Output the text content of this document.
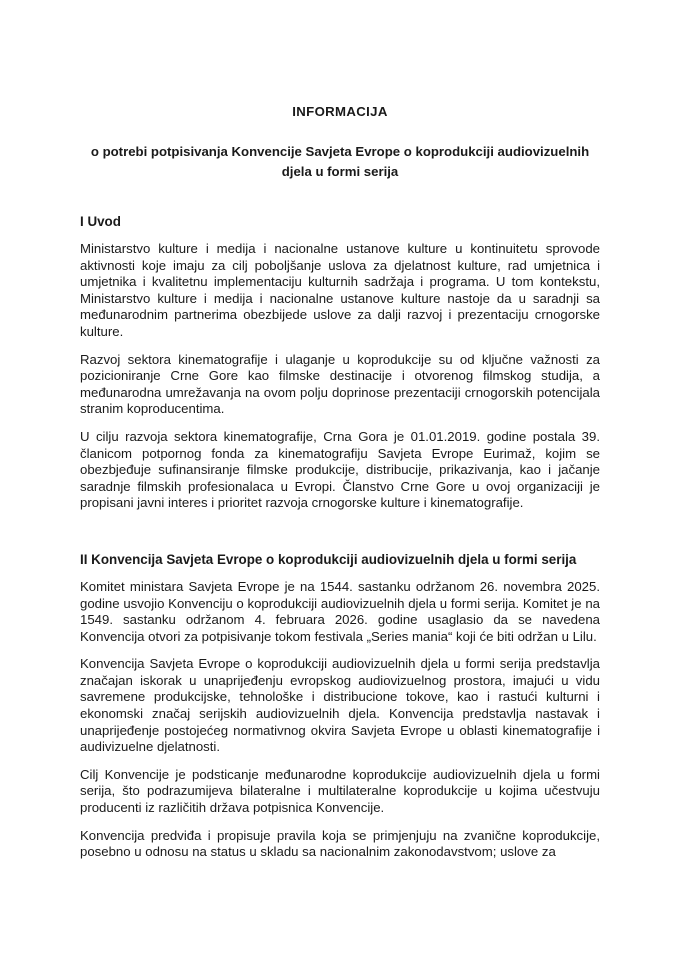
INFORMACIJA
o potrebi potpisivanja Konvencije Savjeta Evrope o koprodukciji audiovizuelnih djela u formi serija
I Uvod
Ministarstvo kulture i medija i nacionalne ustanove kulture u kontinuitetu sprovode aktivnosti koje imaju za cilj poboljšanje uslova za djelatnost kulture, rad umjetnica i umjetnika i kvalitetnu implementaciju kulturnih sadržaja i programa. U tom kontekstu, Ministarstvo kulture i medija i nacionalne ustanove kulture nastoje da u saradnji sa međunarodnim partnerima obezbijede uslove za dalji razvoj i prezentaciju crnogorske kulture.
Razvoj sektora kinematografije i ulaganje u koprodukcije su od ključne važnosti za pozicioniranje Crne Gore kao filmske destinacije i otvorenog filmskog studija, a međunarodna umrežavanja na ovom polju doprinose prezentaciji crnogorskih potencijala stranim koproducentima.
U cilju razvoja sektora kinematografije, Crna Gora je 01.01.2019. godine postala 39. članicom potpornog fonda za kinematografiju Savjeta Evrope Eurimaž, kojim se obezbjeđuje sufinansiranje filmske produkcije, distribucije, prikazivanja, kao i jačanje saradnje filmskih profesionalaca u Evropi. Članstvo Crne Gore u ovoj organizaciji je propisani javni interes i prioritet razvoja crnogorske kulture i kinematografije.
II Konvencija Savjeta Evrope o koprodukciji audiovizuelnih djela u formi serija
Komitet ministara Savjeta Evrope je na 1544. sastanku održanom 26. novembra 2025. godine usvojio Konvenciju o koprodukciji audiovizuelnih djela u formi serija. Komitet je na 1549. sastanku održanom 4. februara 2026. godine usaglasio da se navedena Konvencija otvori za potpisivanje tokom festivala „Series mania“ koji će biti održan u Lilu.
Konvencija Savjeta Evrope o koprodukciji audiovizuelnih djela u formi serija predstavlja značajan iskorak u unaprijeđenju evropskog audiovizuelnog prostora, imajući u vidu savremene produkcijske, tehnološke i distribucione tokove, kao i rastući kulturni i ekonomski značaj serijskih audiovizuelnih djela. Konvencija predstavlja nastavak i unaprijeđenje postojećeg normativnog okvira Savjeta Evrope u oblasti kinematografije i audivizuelne djelatnosti.
Cilj Konvencije je podsticanje međunarodne koprodukcije audiovizuelnih djela u formi serija, što podrazumijeva bilateralne i multilateralne koprodukcije u kojima učestvuju producenti iz različitih država potpisnica Konvencije.
Konvencija predviđa i propisuje pravila koja se primjenjuju na zvanične koprodukcije, posebno u odnosu na status u skladu sa nacionalnim zakonodavstvom; uslove za
